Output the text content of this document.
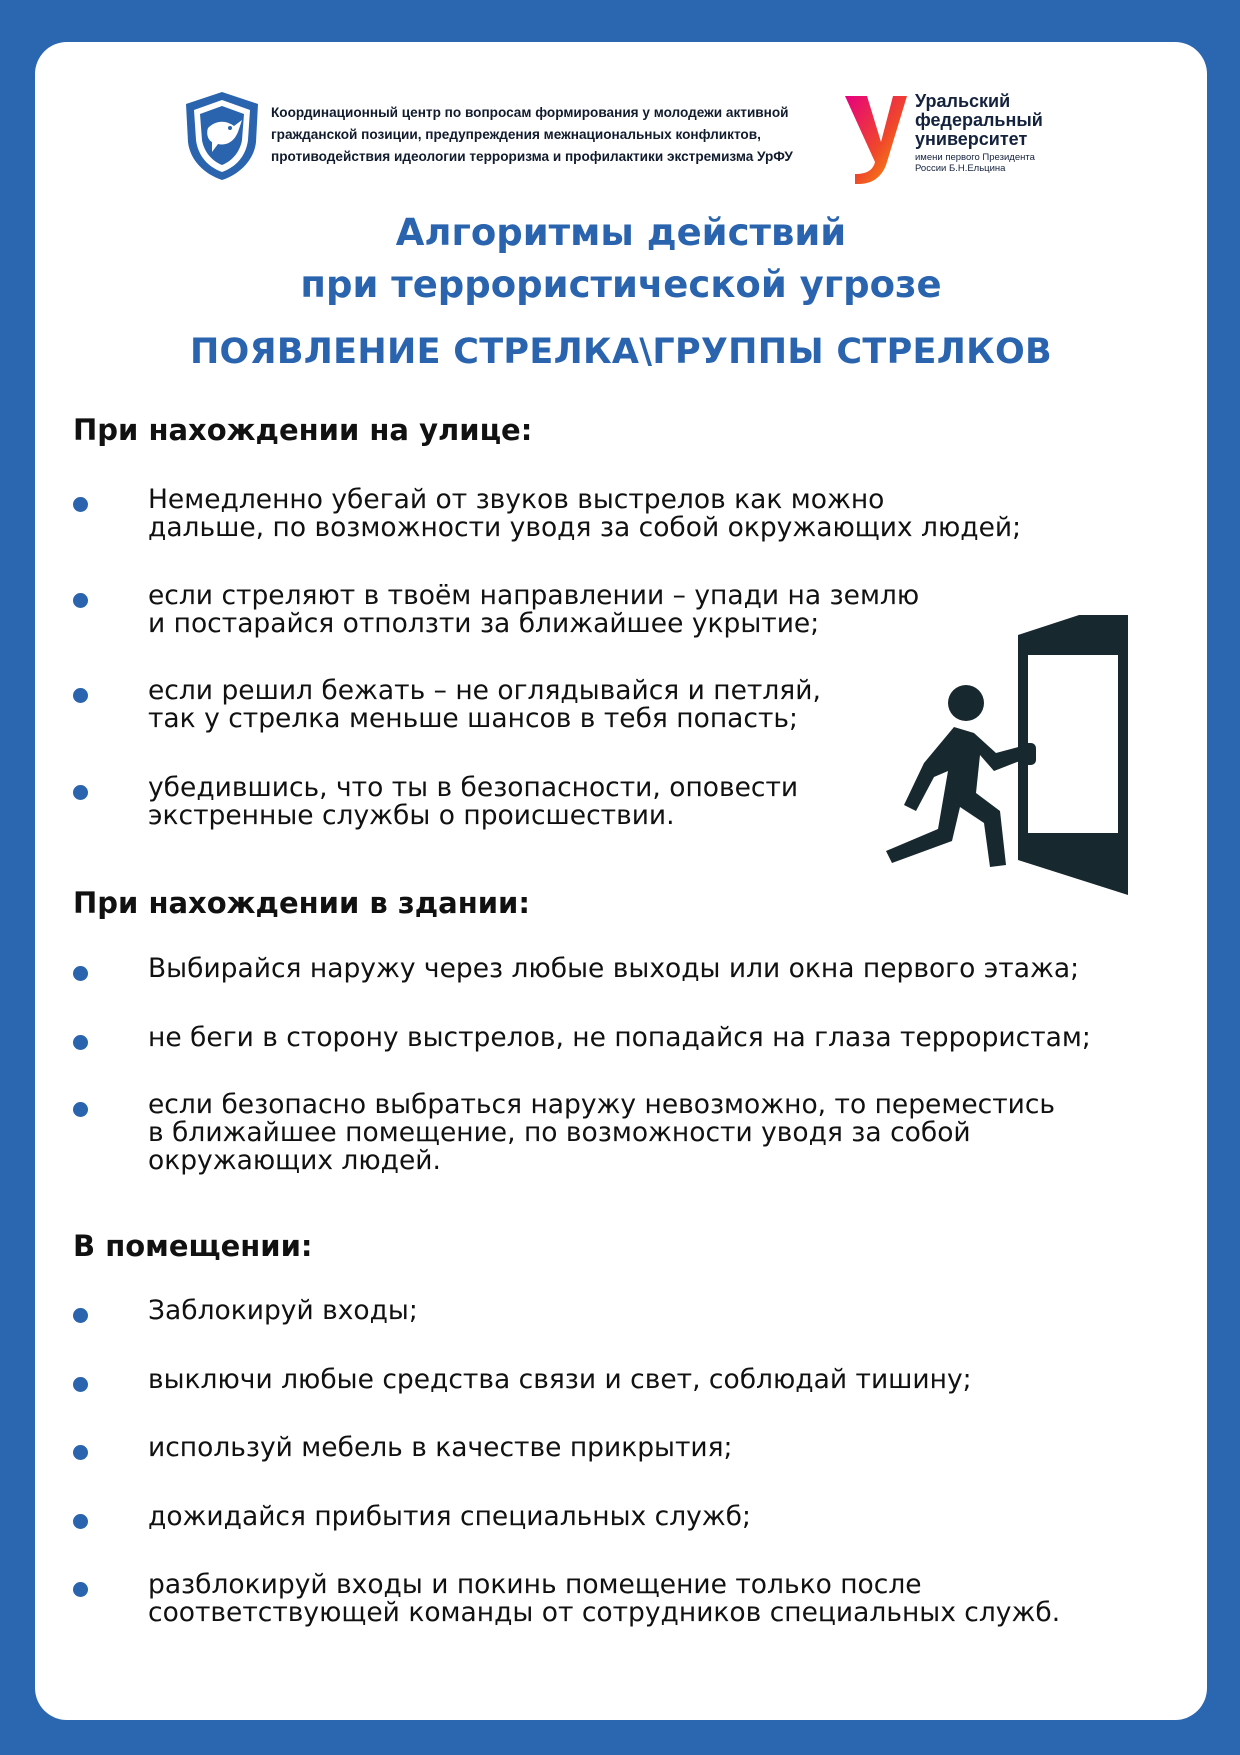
Координационный центр по вопросам формирования у молодежи активной
гражданской позиции, предупреждения межнациональных конфликтов,
противодействия идеологии терроризма и профилактики экстремизма УрФУ
Уральский
федеральный
университет
имени первого Президента
России Б.Н.Ельцина
Алгоритмы действий
при террористической угрозе
ПОЯВЛЕНИЕ СТРЕЛКА\ГРУППЫ СТРЕЛКОВ
При нахождении на улице:
Немедленно убегай от звуков выстрелов как можно
дальше, по возможности уводя за собой окружающих людей;
если стреляют в твоём направлении – упади на землю
и постарайся отползти за ближайшее укрытие;
если решил бежать – не оглядывайся и петляй,
так у стрелка меньше шансов в тебя попасть;
убедившись, что ты в безопасности, оповести
экстренные службы о происшествии.
При нахождении в здании:
Выбирайся наружу через любые выходы или окна первого этажа;
не беги в сторону выстрелов, не попадайся на глаза террористам;
если безопасно выбраться наружу невозможно, то переместись
в ближайшее помещение, по возможности уводя за собой
окружающих людей.
В помещении:
Заблокируй входы;
выключи любые средства связи и свет, соблюдай тишину;
используй мебель в качестве прикрытия;
дожидайся прибытия специальных служб;
разблокируй входы и покинь помещение только после
соответствующей команды от сотрудников специальных служб.
